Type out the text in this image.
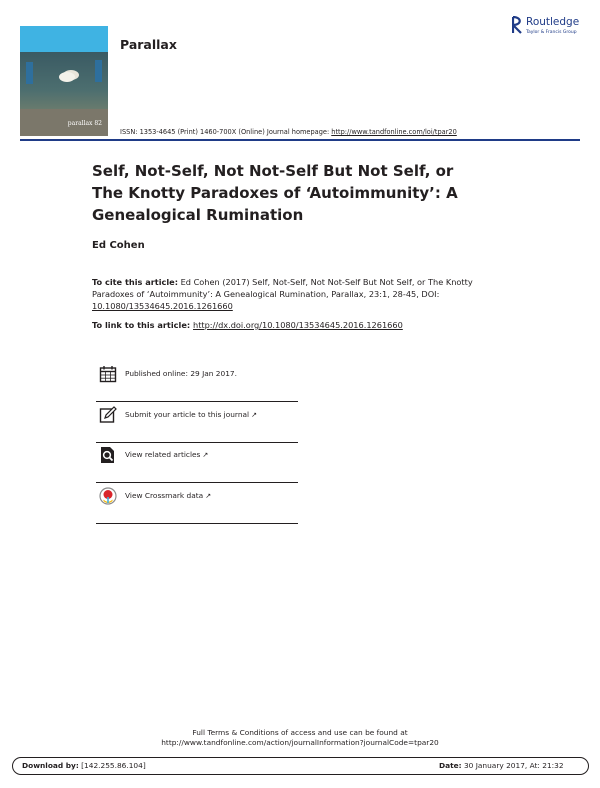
parallax 82
Parallax
Routledge
Taylor & Francis Group
ISSN: 1353-4645 (Print) 1460-700X (Online) Journal homepage: http://www.tandfonline.com/loi/tpar20
Self, Not-Self, Not Not-Self But Not Self, or
The Knotty Paradoxes of ‘Autoimmunity’: A
Genealogical Rumination
Ed Cohen
To cite this article: Ed Cohen (2017) Self, Not-Self, Not Not-Self But Not Self, or The Knotty Paradoxes of ‘Autoimmunity’: A Genealogical Rumination, Parallax, 23:1, 28-45, DOI: 10.1080/13534645.2016.1261660
To link to this article: http://dx.doi.org/10.1080/13534645.2016.1261660
Published online: 29 Jan 2017.
Submit your article to this journal ↗
View related articles ↗
View Crossmark data ↗
Full Terms & Conditions of access and use can be found at
http://www.tandfonline.com/action/journalInformation?journalCode=tpar20
Download by: [142.255.86.104]	Date: 30 January 2017, At: 21:32
